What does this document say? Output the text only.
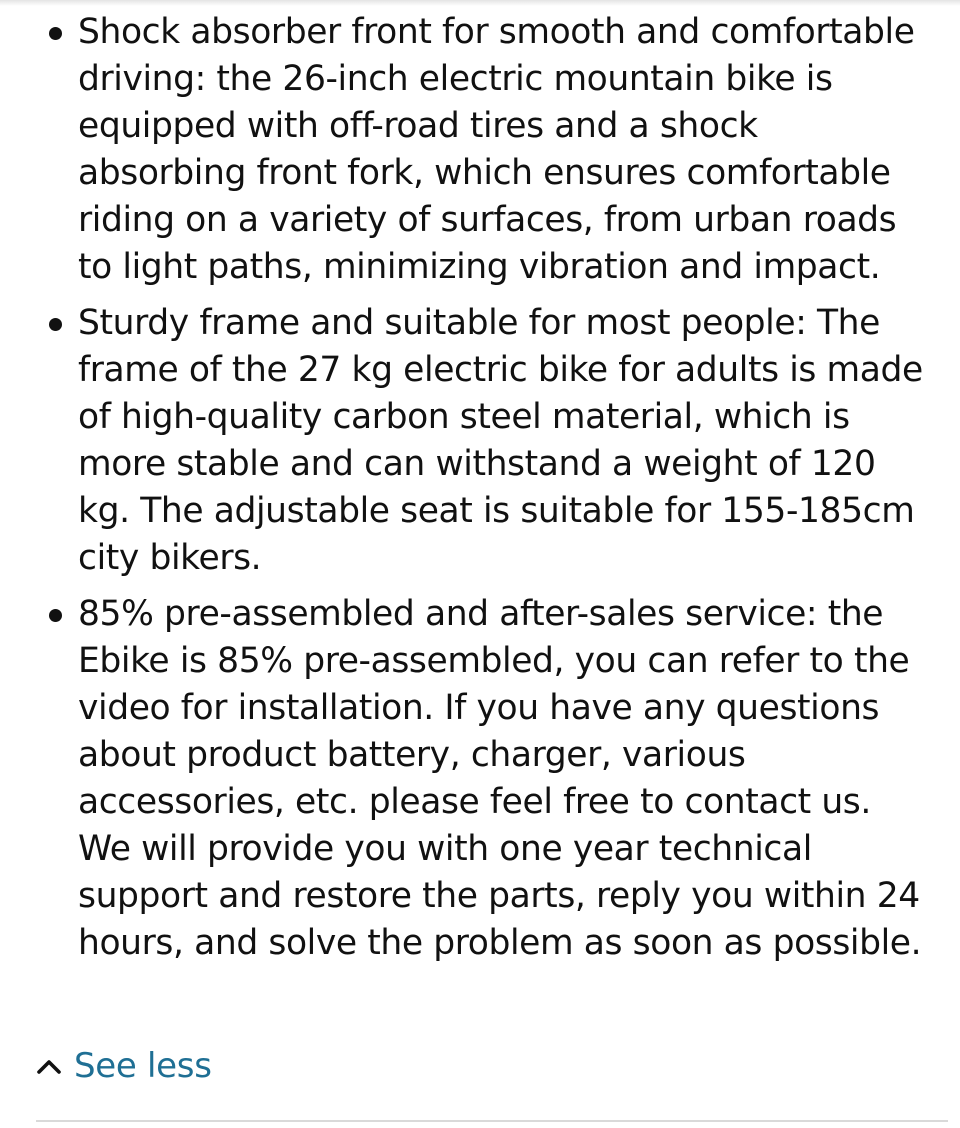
Shock absorber front for smooth and comfortable driving: the 26-inch electric mountain bike is equipped with off-road tires and a shock absorbing front fork, which ensures comfortable riding on a variety of surfaces, from urban roads to light paths, minimizing vibration and impact.
Sturdy frame and suitable for most people: The frame of the 27 kg electric bike for adults is made of high-quality carbon steel material, which is more stable and can withstand a weight of 120 kg. The adjustable seat is suitable for 155-185cm city bikers.
85% pre-assembled and after-sales service: the Ebike is 85% pre-assembled, you can refer to the video for installation. If you have any questions about product battery, charger, various accessories, etc. please feel free to contact us. We will provide you with one year technical support and restore the parts, reply you within 24 hours, and solve the problem as soon as possible.
See less
